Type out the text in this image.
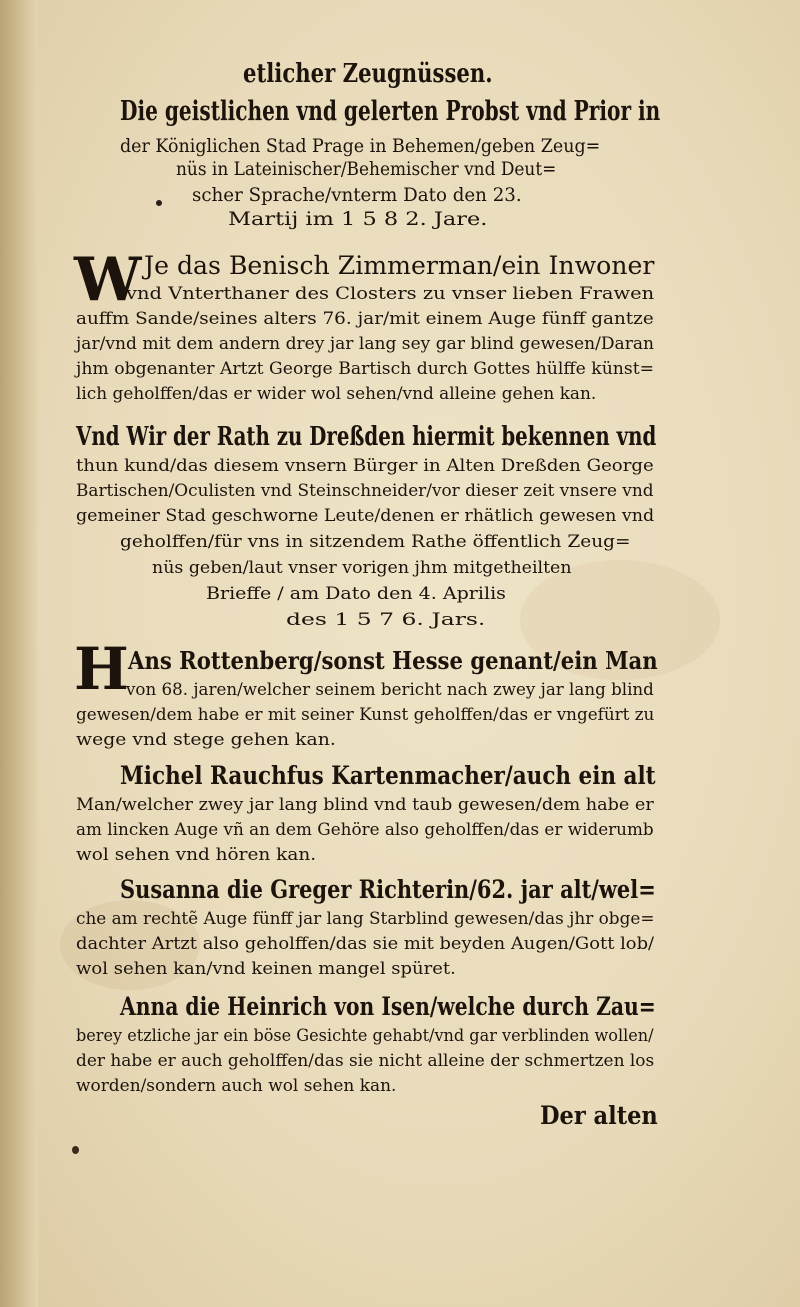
etlicher Zeugnüssen.
Die geistlichen vnd gelerten Probst vnd Prior in
der Königlichen Stad Prage in Behemen/geben Zeug=
nüs in Lateinischer/Behemischer vnd Deut=
scher Sprache/vnterm Dato den 23.
Martij im 1 5 8 2. Jare.
W Je das Benisch Zimmerman/ein Inwoner
vnd Vnterthaner des Closters zu vnser lieben Frawen
auffm Sande/seines alters 76. jar/mit einem Auge fünff gantze
jar/vnd mit dem andern drey jar lang sey gar blind gewesen/Daran
jhm obgenanter Artzt George Bartisch durch Gottes hülffe künst=
lich geholffen/das er wider wol sehen/vnd alleine gehen kan.
Vnd Wir der Rath zu Dreßden hiermit bekennen vnd
thun kund/das diesem vnsern Bürger in Alten Dreßden George
Bartischen/Oculisten vnd Steinschneider/vor dieser zeit vnsere vnd
gemeiner Stad geschworne Leute/denen er rhätlich gewesen vnd
geholffen/für vns in sitzendem Rathe öffentlich Zeug=
nüs geben/laut vnser vorigen jhm mitgetheilten
Brieffe / am Dato den 4. Aprilis
des 1 5 7 6. Jars.
H Ans Rottenberg/sonst Hesse genant/ein Man
von 68. jaren/welcher seinem bericht nach zwey jar lang blind
gewesen/dem habe er mit seiner Kunst geholffen/das er vngefürt zu
wege vnd stege gehen kan.
Michel Rauchfus Kartenmacher/auch ein alt
Man/welcher zwey jar lang blind vnd taub gewesen/dem habe er
am lincken Auge vñ an dem Gehöre also geholffen/das er widerumb
wol sehen vnd hören kan.
Susanna die Greger Richterin/62. jar alt/wel=
che am rechtẽ Auge fünff jar lang Starblind gewesen/das jhr obge=
dachter Artzt also geholffen/das sie mit beyden Augen/Gott lob/
wol sehen kan/vnd keinen mangel spüret.
Anna die Heinrich von Isen/welche durch Zau=
berey etzliche jar ein böse Gesichte gehabt/vnd gar verblinden wollen/
der habe er auch geholffen/das sie nicht alleine der schmertzen los
worden/sondern auch wol sehen kan.
Der alten
